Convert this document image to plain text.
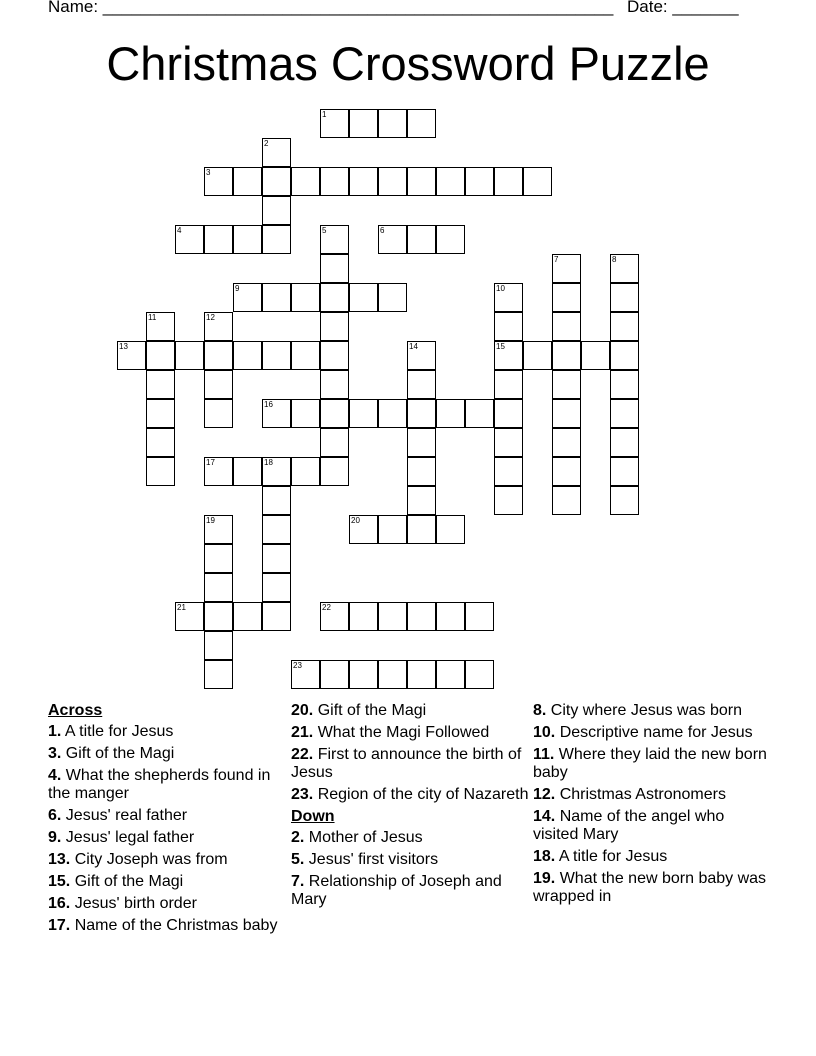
Name: ______________________________________________________ Date: _______
Christmas Crossword Puzzle
1
2
3
4	5	6
7	8
9	10
15
11	12
13	14
16
17	18
19	20
21	22
23
Across
1. A title for Jesus
3. Gift of the Magi
4. What the shepherds found in the manger
6. Jesus' real father
9. Jesus' legal father
13. City Joseph was from
15. Gift of the Magi
16. Jesus' birth order
17. Name of the Christmas baby
20. Gift of the Magi
21. What the Magi Followed
22. First to announce the birth of Jesus
23. Region of the city of Nazareth
Down
2. Mother of Jesus
5. Jesus' first visitors
7. Relationship of Joseph and Mary
8. City where Jesus was born
10. Descriptive name for Jesus
11. Where they laid the new born baby
12. Christmas Astronomers
14. Name of the angel who visited Mary
18. A title for Jesus
19. What the new born baby was wrapped in
